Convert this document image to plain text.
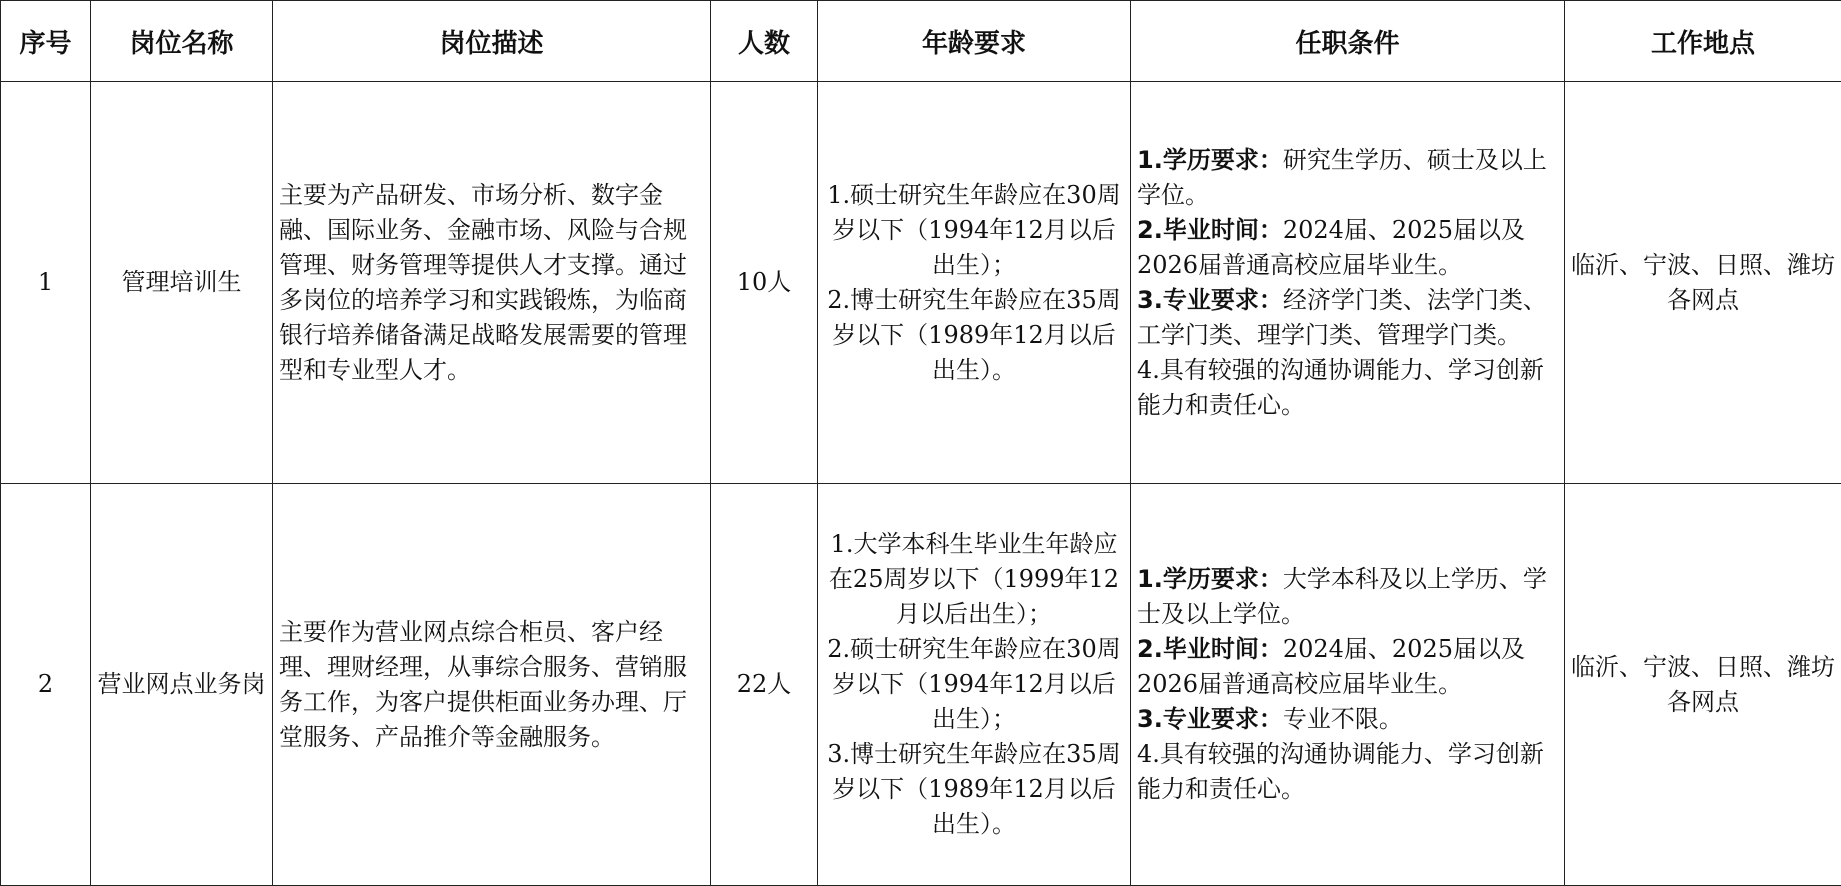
序号	岗位名称	岗位描述	人数	年龄要求	任职条件	工作地点
1	管理培训生	主要为产品研发、市场分析、数字金融、国际业务、金融市场、风险与合规管理、财务管理等提供人才支撑。通过多岗位的培养学习和实践锻炼，为临商银行培养储备满足战略发展需要的管理型和专业型人才。	10人	1.硕士研究生年龄应在30周岁以下（1994年12月以后出生）；
2.博士研究生年龄应在35周岁以下（1989年12月以后出生）。	1.学历要求：研究生学历、硕士及以上学位。
2.毕业时间：2024届、2025届以及2026届普通高校应届毕业生。
3.专业要求：经济学门类、法学门类、工学门类、理学门类、管理学门类。
4.具有较强的沟通协调能力、学习创新能力和责任心。	临沂、宁波、日照、潍坊各网点
2	营业网点业务岗	主要作为营业网点综合柜员、客户经理、理财经理，从事综合服务、营销服务工作，为客户提供柜面业务办理、厅堂服务、产品推介等金融服务。	22人	1.大学本科生毕业生年龄应在25周岁以下（1999年12月以后出生）；
2.硕士研究生年龄应在30周岁以下（1994年12月以后出生）；
3.博士研究生年龄应在35周岁以下（1989年12月以后出生）。	1.学历要求：大学本科及以上学历、学士及以上学位。
2.毕业时间：2024届、2025届以及2026届普通高校应届毕业生。
3.专业要求：专业不限。
4.具有较强的沟通协调能力、学习创新能力和责任心。	临沂、宁波、日照、潍坊各网点
